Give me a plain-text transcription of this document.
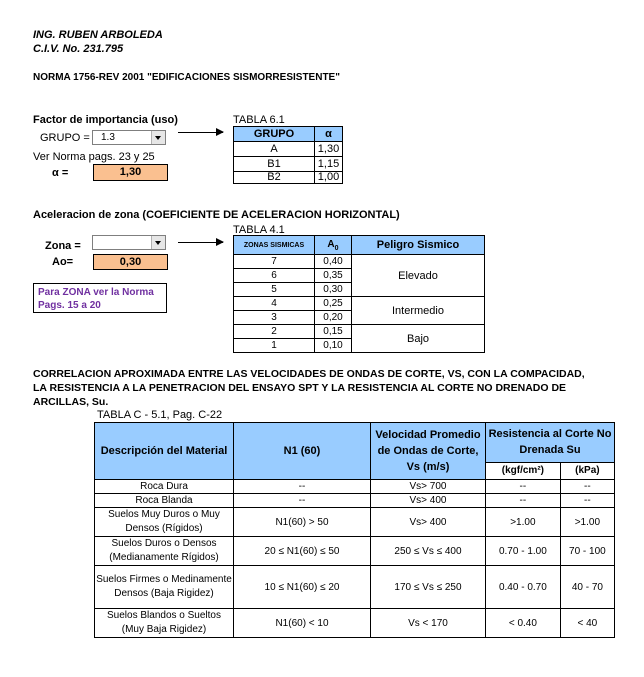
ING. RUBEN ARBOLEDA
C.I.V. No. 231.795
NORMA 1756-REV 2001 "EDIFICACIONES SISMORRESISTENTE"
Factor de importancia (uso)
GRUPO = 1.3
Ver Norma pags. 23 y 25
α =	1,30
TABLA 6.1
GRUPO	α
A	1,30
B1	1,15
B2	1,00
Aceleracion de zona (COEFICIENTE DE ACELERACION HORIZONTAL)
Zona =
Ao=	0,30
Para ZONA ver la Norma
Pags. 15 a 20
TABLA 4.1
ZONAS SISMICAS	$A_0$	Peligro Sismico
7	0,40	Elevado
6	0,35	
5	0,30	
4	0,25	Intermedio
3	0,20	
2	0,15	Bajo
1	0,10	
CORRELACION APROXIMADA ENTRE LAS VELOCIDADES DE ONDAS DE CORTE, VS, CON LA COMPACIDAD,
LA RESISTENCIA A LA PENETRACION DEL ENSAYO SPT Y LA RESISTENCIA AL CORTE NO DRENADO DE
ARCILLAS, Su.
TABLA C - 5.1, Pag. C-22
Descripción del Material	N1 (60)	Velocidad Promedio de Ondas de Corte, Vs (m/s)	Resistencia al Corte No Drenada Su	
			(kgf/cm²)	(kPa)
Roca Dura	--	Vs> 700	--	--
Roca Blanda	--	Vs> 400	--	--
Suelos Muy Duros o Muy Densos (Rígidos)	N1(60) > 50	Vs> 400	>1.00	>1.00
Suelos Duros o Densos (Medianamente Rígidos)	20 ≤ N1(60) ≤ 50	250 ≤ Vs ≤ 400	0.70 - 1.00	70 - 100
Suelos Firmes o Medinamente Densos (Baja Rigidez)	10 ≤ N1(60) ≤ 20	170 ≤ Vs ≤ 250	0.40 - 0.70	40 - 70
Suelos Blandos o Sueltos (Muy Baja Rigidez)	N1(60) < 10	Vs < 170	< 0.40	< 40
